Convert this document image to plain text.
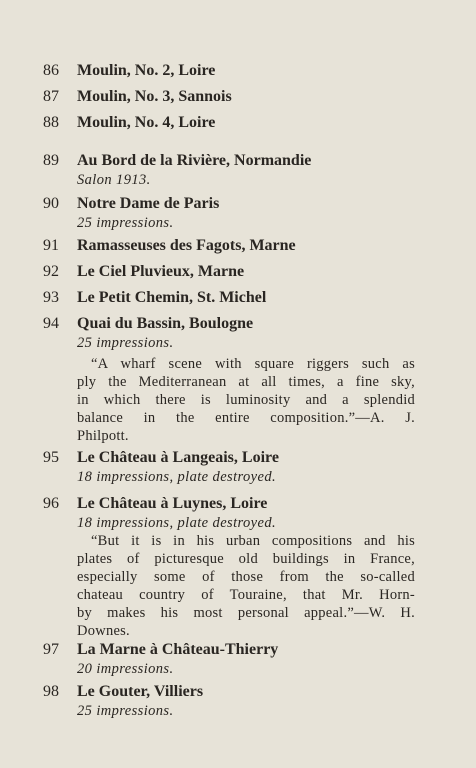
86	Moulin, No. 2, Loire
87	Moulin, No. 3, Sannois
88	Moulin, No. 4, Loire
89	Au Bord de la Rivière, Normandie
Salon 1913.
90	Notre Dame de Paris
25 impressions.
91	Ramasseuses des Fagots, Marne
92	Le Ciel Pluvieux, Marne
93	Le Petit Chemin, St. Michel
94	Quai du Bassin, Boulogne
25 impressions.
“A wharf scene with square riggers such as
ply the Mediterranean at all times, a fine sky,
in which there is luminosity and a splendid
balance in the entire composition.”—A. J.
Philpott.
95	Le Château à Langeais, Loire
18 impressions, plate destroyed.
96	Le Château à Luynes, Loire
18 impressions, plate destroyed.
“But it is in his urban compositions and his
plates of picturesque old buildings in France,
especially some of those from the so-called
chateau country of Touraine, that Mr. Horn-
by makes his most personal appeal.”—W. H.
Downes.
97	La Marne à Château-Thierry
20 impressions.
98	Le Gouter, Villiers
25 impressions.
